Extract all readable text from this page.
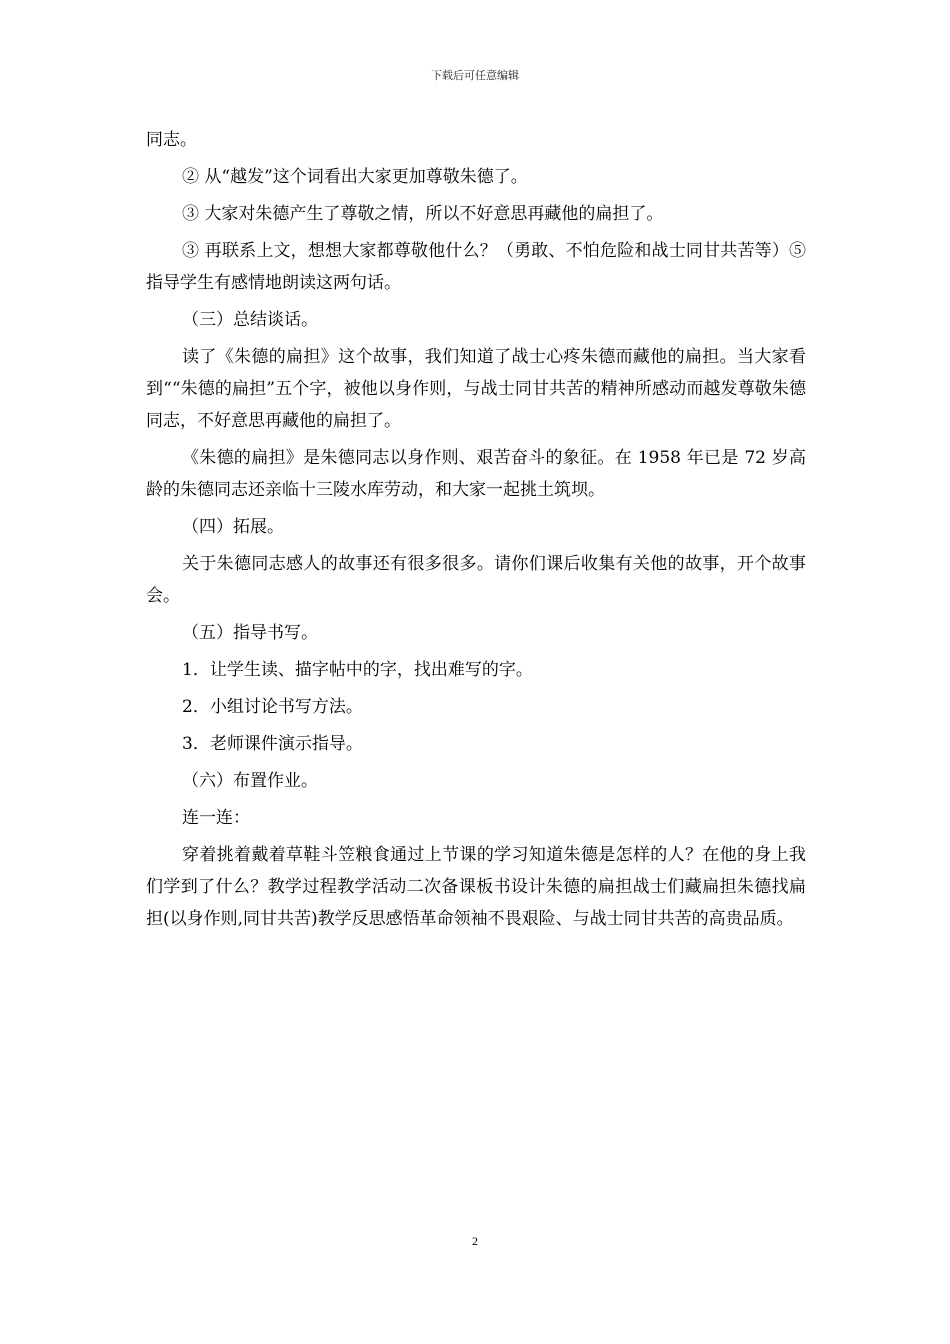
下载后可任意编辑

同志。

② 从“越发”这个词看出大家更加尊敬朱德了。

③ 大家对朱德产生了尊敬之情，所以不好意思再藏他的扁担了。

③ 再联系上文，想想大家都尊敬他什么？（勇敢、不怕危险和战士同甘共苦等）⑤指导学生有感情地朗读这两句话。

（三）总结谈话。

读了《朱德的扁担》这个故事，我们知道了战士心疼朱德而藏他的扁担。当大家看到““朱德的扁担”五个字，被他以身作则，与战士同甘共苦的精神所感动而越发尊敬朱德同志，不好意思再藏他的扁担了。

《朱德的扁担》是朱德同志以身作则、艰苦奋斗的象征。在 1958 年已是 72 岁高龄的朱德同志还亲临十三陵水库劳动，和大家一起挑土筑坝。

（四）拓展。

关于朱德同志感人的故事还有很多很多。请你们课后收集有关他的故事，开个故事会。

（五）指导书写。

1．让学生读、描字帖中的字，找出难写的字。

2．小组讨论书写方法。

3．老师课件演示指导。

（六）布置作业。

连一连：

穿着挑着戴着草鞋斗笠粮食通过上节课的学习知道朱德是怎样的人？在他的身上我们学到了什么？教学过程教学活动二次备课板书设计朱德的扁担战士们藏扁担朱德找扁担(以身作则,同甘共苦)教学反思感悟革命领袖不畏艰险、与战士同甘共苦的高贵品质。

2
